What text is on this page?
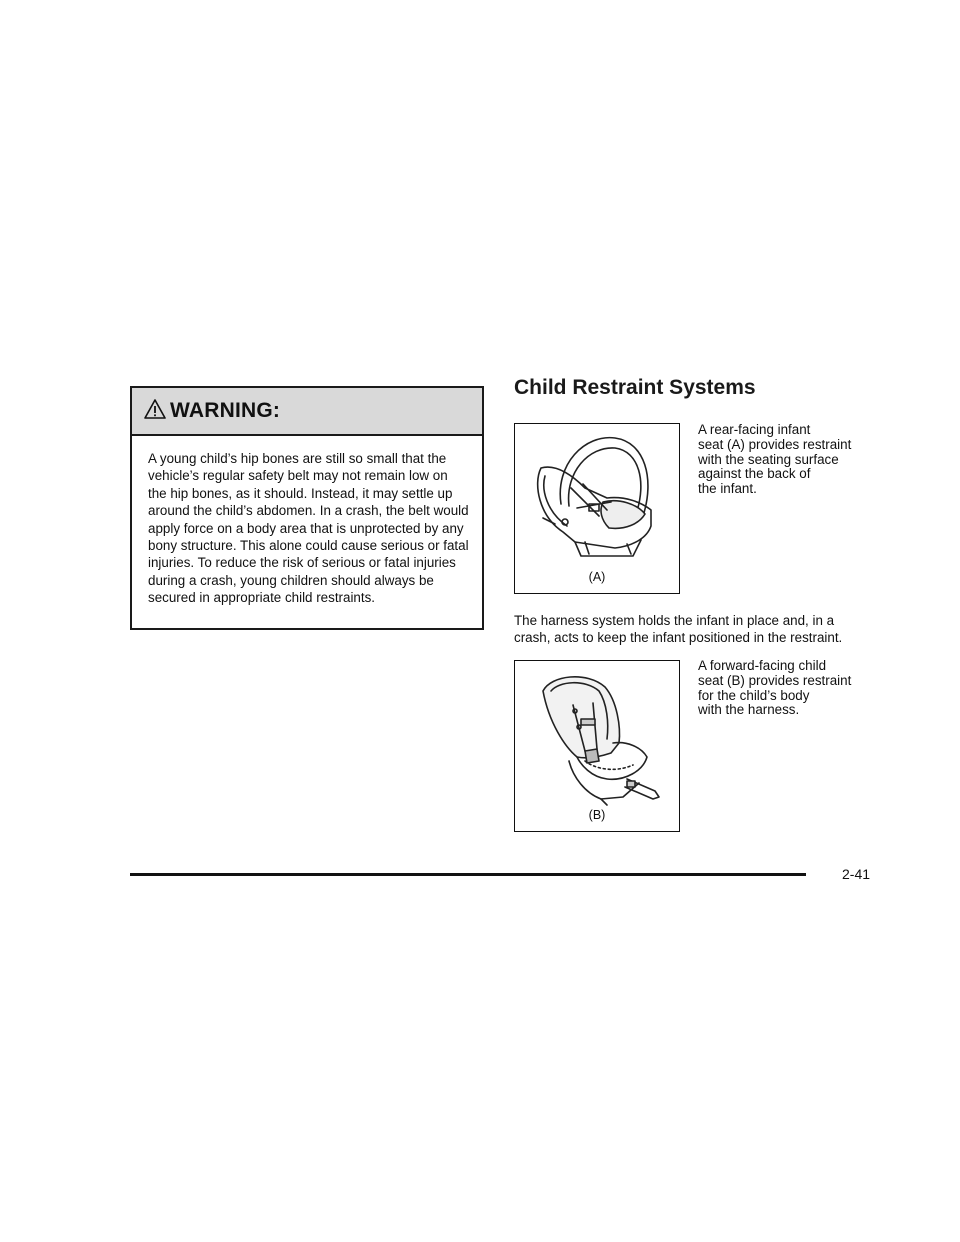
WARNING:
A young child’s hip bones are still so small that the vehicle’s regular safety belt may not remain low on the hip bones, as it should. Instead, it may settle up around the child’s abdomen. In a crash, the belt would apply force on a body area that is unprotected by any bony structure. This alone could cause serious or fatal injuries. To reduce the risk of serious or fatal injuries during a crash, young children should always be secured in appropriate child restraints.
Child Restraint Systems
(A)
A rear-facing infant
seat (A) provides restraint
with the seating surface
against the back of
the infant.
The harness system holds the infant in place and, in a crash, acts to keep the infant positioned in the restraint.
(B)
A forward-facing child
seat (B) provides restraint
for the child’s body
with the harness.
2-41
